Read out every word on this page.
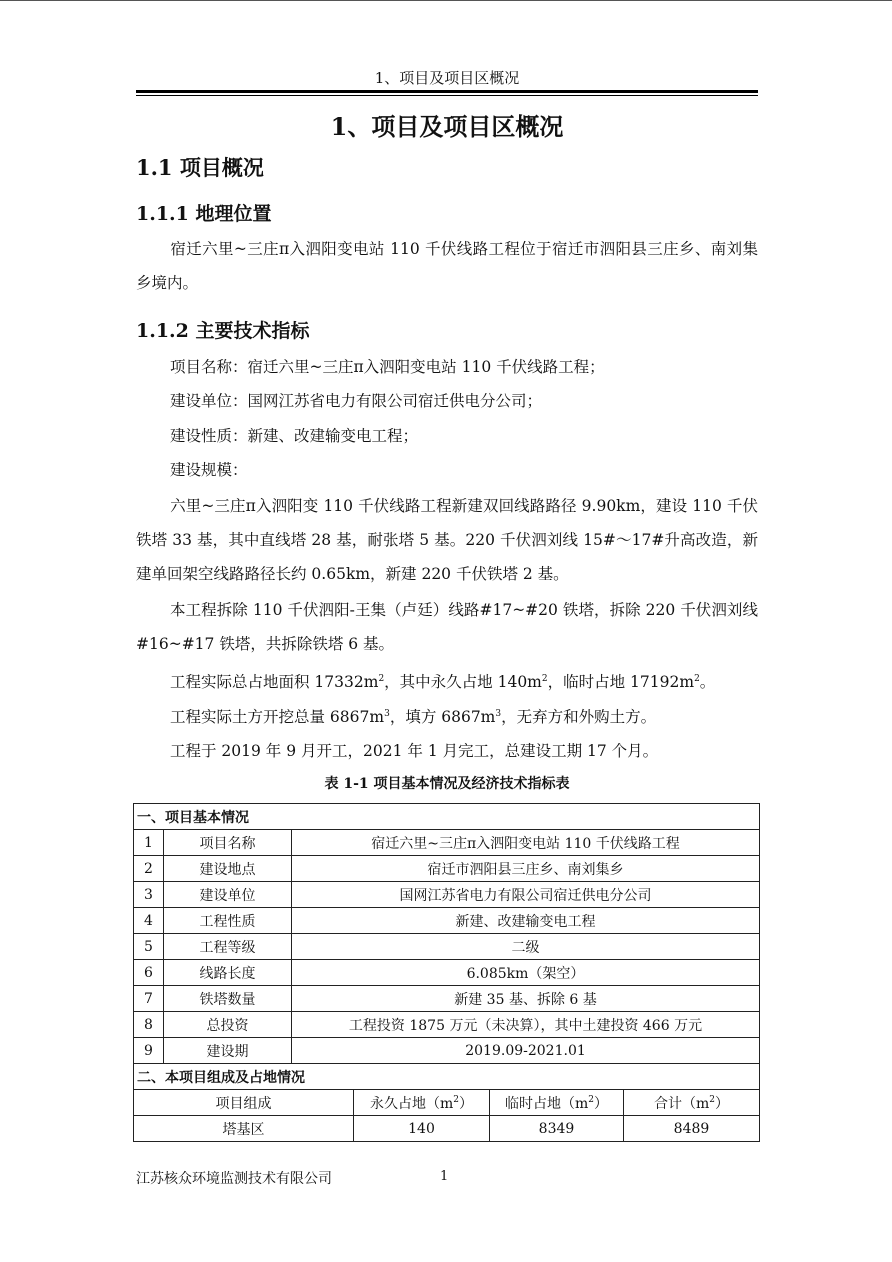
1、项目及项目区概况
1、项目及项目区概况
1.1 项目概况
1.1.1 地理位置

宿迁六里~三庄π入泗阳变电站 110 千伏线路工程位于宿迁市泗阳县三庄乡、南刘集乡境内。

1.1.2 主要技术指标

项目名称：宿迁六里~三庄π入泗阳变电站 110 千伏线路工程；

建设单位：国网江苏省电力有限公司宿迁供电分公司；

建设性质：新建、改建输变电工程；

建设规模：

六里~三庄π入泗阳变 110 千伏线路工程新建双回线路路径 9.90km，建设 110 千伏铁塔 33 基，其中直线塔 28 基，耐张塔 5 基。220 千伏泗刘线 15#～17#升高改造，新建单回架空线路路径长约 0.65km，新建 220 千伏铁塔 2 基。

本工程拆除 110 千伏泗阳-王集（卢廷）线路#17~#20 铁塔，拆除 220 千伏泗刘线#16~#17 铁塔，共拆除铁塔 6 基。

工程实际总占地面积 $17332m^2$，其中永久占地 $140m^2$，临时占地 $17192m^2$。

工程实际土方开挖总量 $6867m^3$，填方 $6867m^3$，无弃方和外购土方。

工程于 2019 年 9 月开工，2021 年 1 月完工，总建设工期 17 个月。

表 1-1 项目基本情况及经济技术指标表
一、项目基本情况					
1	项目名称	宿迁六里~三庄π入泗阳变电站 110 千伏线路工程			
2	建设地点	宿迁市泗阳县三庄乡、南刘集乡			
3	建设单位	国网江苏省电力有限公司宿迁供电分公司			
4	工程性质	新建、改建输变电工程			
5	工程等级	二级			
6	线路长度	6.085km（架空）			
7	铁塔数量	新建 35 基、拆除 6 基			
8	总投资	工程投资 1875 万元（未决算），其中土建投资 466 万元			
9	建设期	2019.09-2021.01			
二、本项目组成及占地情况					
项目组成			永久占地$(m^2)$	临时占地$(m^2)$	合计$(m^2)$
塔基区			140	8349	8489
江苏核众环境监测技术有限公司	1
